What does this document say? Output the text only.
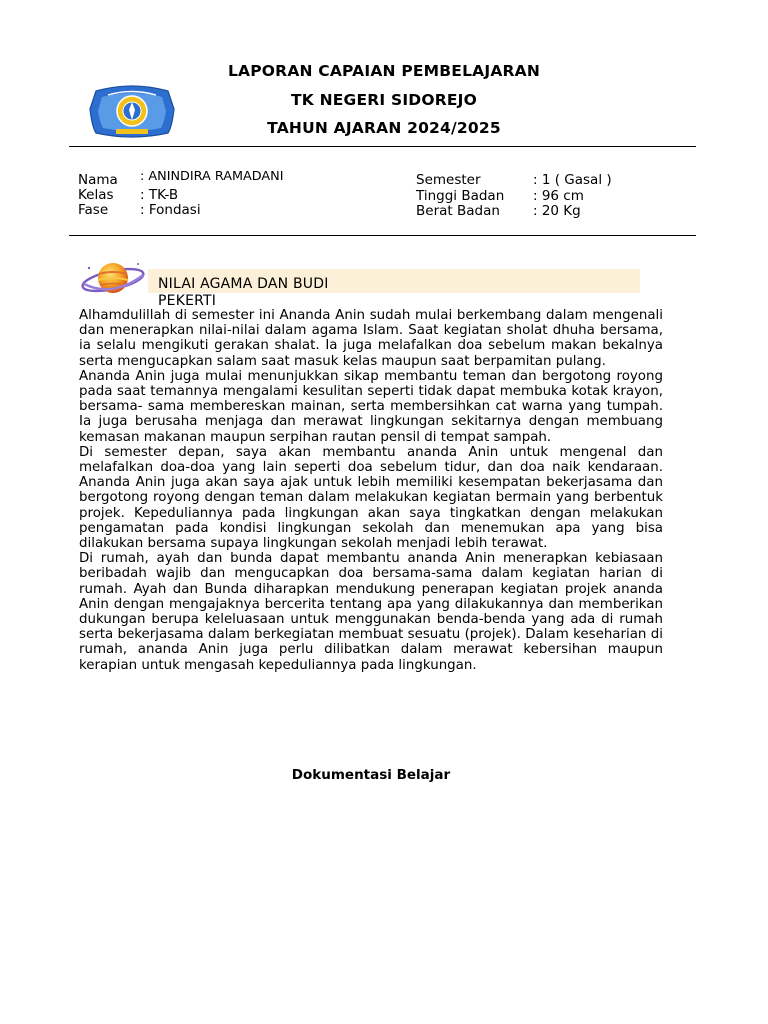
LAPORAN CAPAIAN PEMBELAJARAN
TK NEGERI SIDOREJO
TAHUN AJARAN 2024/2025
Nama	: ANINDIRA RAMADANI
Kelas	: TK-B
Fase	: Fondasi
Semester	: 1 ( Gasal )
Tinggi Badan	: 96 cm
Berat Badan	: 20 Kg
NILAI AGAMA DAN BUDI PEKERTI

Alhamdulillah di semester ini Ananda Anin sudah mulai berkembang dalam mengenali dan menerapkan nilai-nilai dalam agama Islam. Saat kegiatan sholat dhuha bersama, ia selalu mengikuti gerakan shalat. Ia juga melafalkan doa sebelum makan bekalnya serta mengucapkan salam saat masuk kelas maupun saat berpamitan pulang.

Ananda Anin juga mulai menunjukkan sikap membantu teman dan bergotong royong pada saat temannya mengalami kesulitan seperti tidak dapat membuka kotak krayon, bersama- sama membereskan mainan, serta membersihkan cat warna yang tumpah. Ia juga berusaha menjaga dan merawat lingkungan sekitarnya dengan membuang kemasan makanan maupun serpihan rautan pensil di tempat sampah.

Di semester depan, saya akan membantu ananda Anin untuk mengenal dan melafalkan doa-doa yang lain seperti doa sebelum tidur, dan doa naik kendaraan. Ananda Anin juga akan saya ajak untuk lebih memiliki kesempatan bekerjasama dan bergotong royong dengan teman dalam melakukan kegiatan bermain yang berbentuk projek. Kepeduliannya pada lingkungan akan saya tingkatkan dengan melakukan pengamatan pada kondisi lingkungan sekolah dan menemukan apa yang bisa dilakukan bersama supaya lingkungan sekolah menjadi lebih terawat.

Di rumah, ayah dan bunda dapat membantu ananda Anin menerapkan kebiasaan beribadah wajib dan mengucapkan doa bersama-sama dalam kegiatan harian di rumah. Ayah dan Bunda diharapkan mendukung penerapan kegiatan projek ananda Anin dengan mengajaknya bercerita tentang apa yang dilakukannya dan memberikan dukungan berupa keleluasaan untuk menggunakan benda-benda yang ada di rumah serta bekerjasama dalam berkegiatan membuat sesuatu (projek). Dalam keseharian di rumah, ananda Anin juga perlu dilibatkan dalam merawat kebersihan maupun kerapian untuk mengasah kepeduliannya pada lingkungan.

Dokumentasi Belajar
